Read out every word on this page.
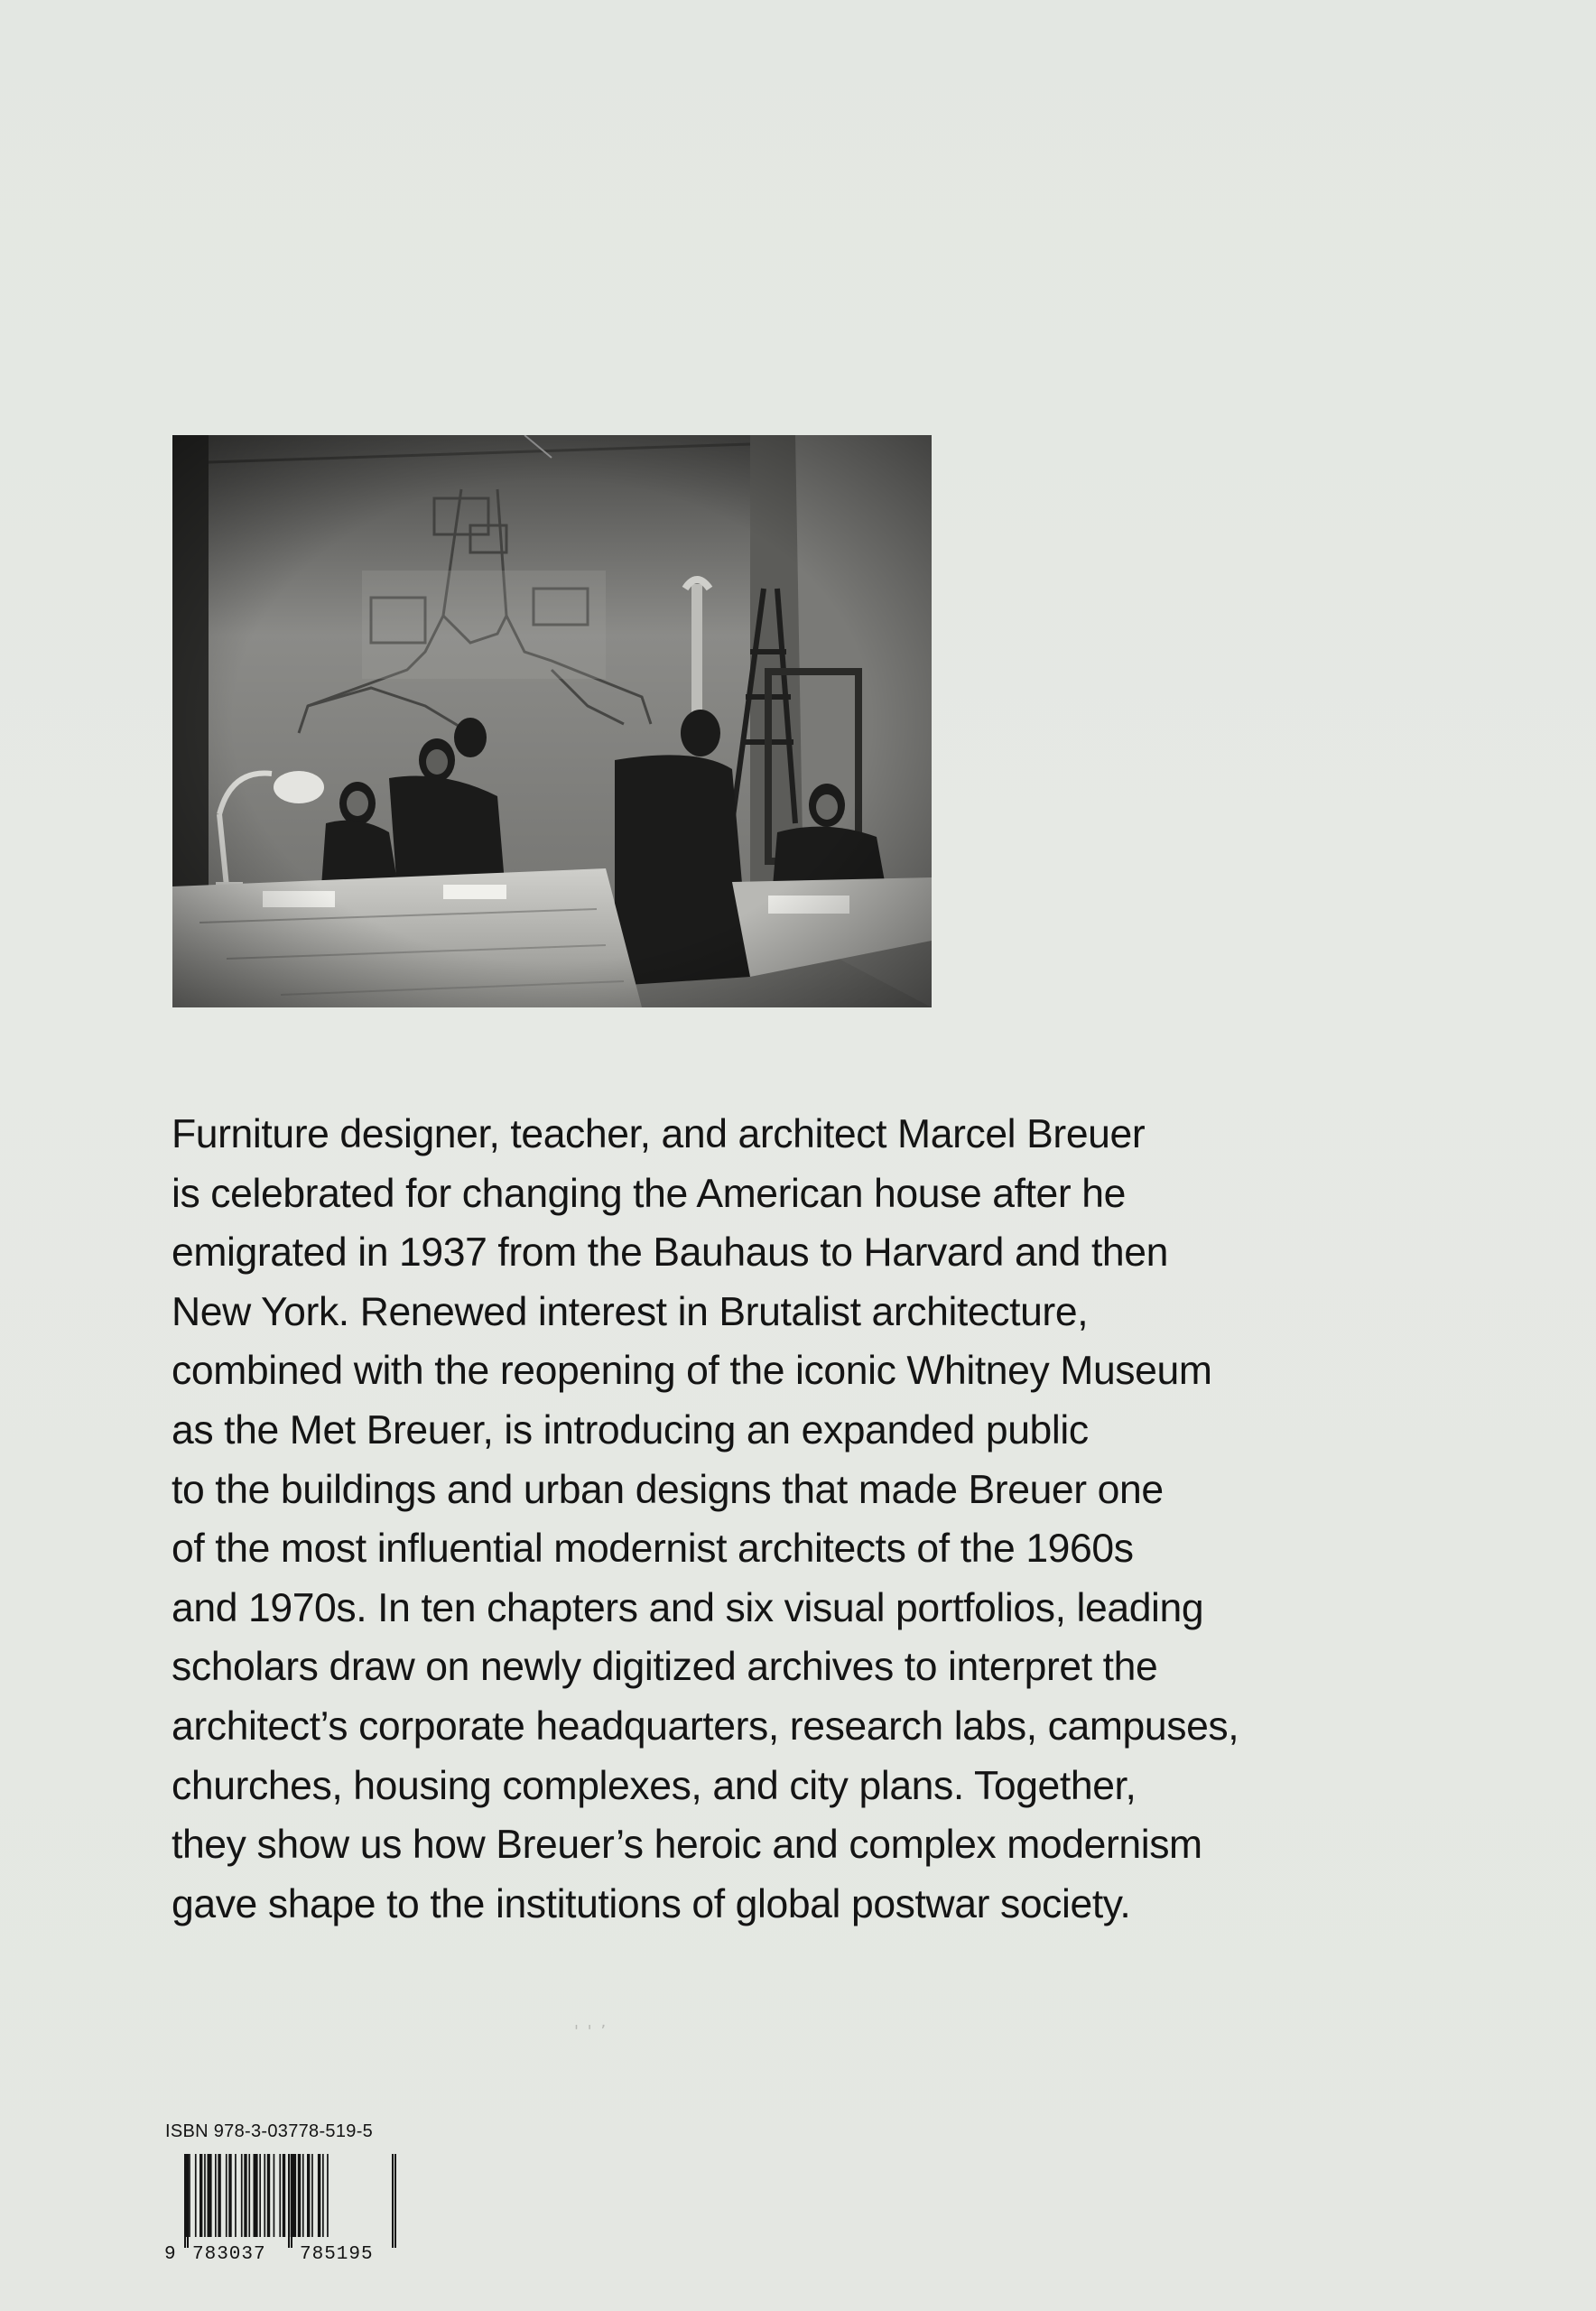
Furniture designer, teacher, and architect Marcel Breuer
is celebrated for changing the American house after he
emigrated in 1937 from the Bauhaus to Harvard and then
New York. Renewed interest in Brutalist architecture,
combined with the reopening of the iconic Whitney Museum
as the Met Breuer, is introducing an expanded public
to the buildings and urban designs that made Breuer one
of the most influential modernist architects of the 1960s
and 1970s. In ten chapters and six visual portfolios, leading
scholars draw on newly digitized archives to interpret the
architect’s corporate headquarters, research labs, campuses,
churches, housing complexes, and city plans. Together,
they show us how Breuer’s heroic and complex modernism
gave shape to the institutions of global postwar society.

' ' ʼ
ISBN 978-3-03778-519-5
9 783037 785195
